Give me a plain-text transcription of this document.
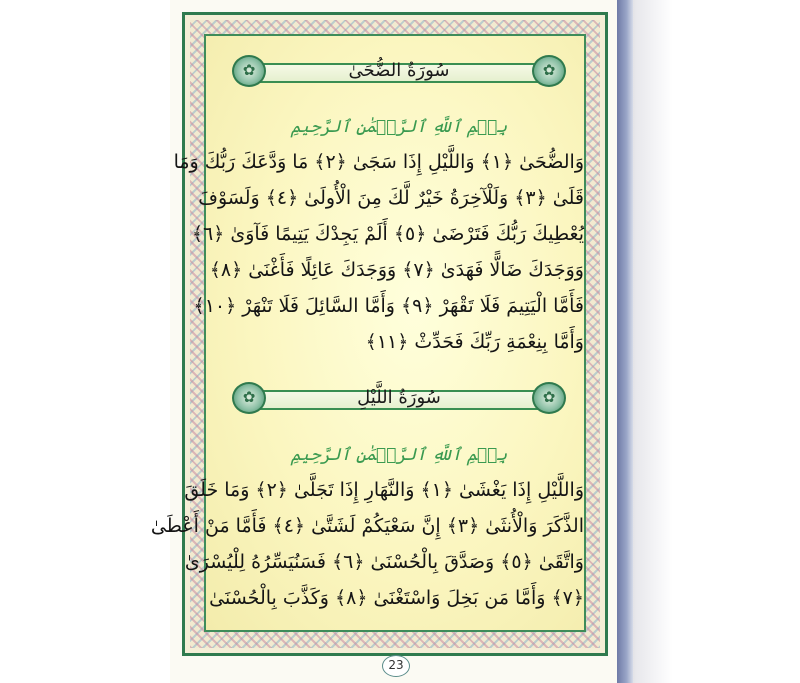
✿
✿
سُورَةُ الضُّحَىٰ
بِسۡمِ ٱللَّهِ ٱلرَّحۡمَٰنِ ٱلرَّحِيمِ
وَالضُّحَىٰ ﴿١﴾ وَاللَّيْلِ إِذَا سَجَىٰ ﴿٢﴾ مَا وَدَّعَكَ رَبُّكَ وَمَا
قَلَىٰ ﴿٣﴾ وَلَلْآخِرَةُ خَيْرٌ لَّكَ مِنَ الْأُولَىٰ ﴿٤﴾ وَلَسَوْفَ
يُعْطِيكَ رَبُّكَ فَتَرْضَىٰ ﴿٥﴾ أَلَمْ يَجِدْكَ يَتِيمًا فَآوَىٰ ﴿٦﴾
وَوَجَدَكَ ضَالًّا فَهَدَىٰ ﴿٧﴾ وَوَجَدَكَ عَائِلًا فَأَغْنَىٰ ﴿٨﴾
فَأَمَّا الْيَتِيمَ فَلَا تَقْهَرْ ﴿٩﴾ وَأَمَّا السَّائِلَ فَلَا تَنْهَرْ ﴿١٠﴾
وَأَمَّا بِنِعْمَةِ رَبِّكَ فَحَدِّثْ ﴿١١﴾
✿
✿
سُورَةُ اللَّيْلِ
بِسۡمِ ٱللَّهِ ٱلرَّحۡمَٰنِ ٱلرَّحِيمِ
وَاللَّيْلِ إِذَا يَغْشَىٰ ﴿١﴾ وَالنَّهَارِ إِذَا تَجَلَّىٰ ﴿٢﴾ وَمَا خَلَقَ
الذَّكَرَ وَالْأُنثَىٰ ﴿٣﴾ إِنَّ سَعْيَكُمْ لَشَتَّىٰ ﴿٤﴾ فَأَمَّا مَنْ أَعْطَىٰ
وَاتَّقَىٰ ﴿٥﴾ وَصَدَّقَ بِالْحُسْنَىٰ ﴿٦﴾ فَسَنُيَسِّرُهُ لِلْيُسْرَىٰ
﴿٧﴾ وَأَمَّا مَن بَخِلَ وَاسْتَغْنَىٰ ﴿٨﴾ وَكَذَّبَ بِالْحُسْنَىٰ
23
